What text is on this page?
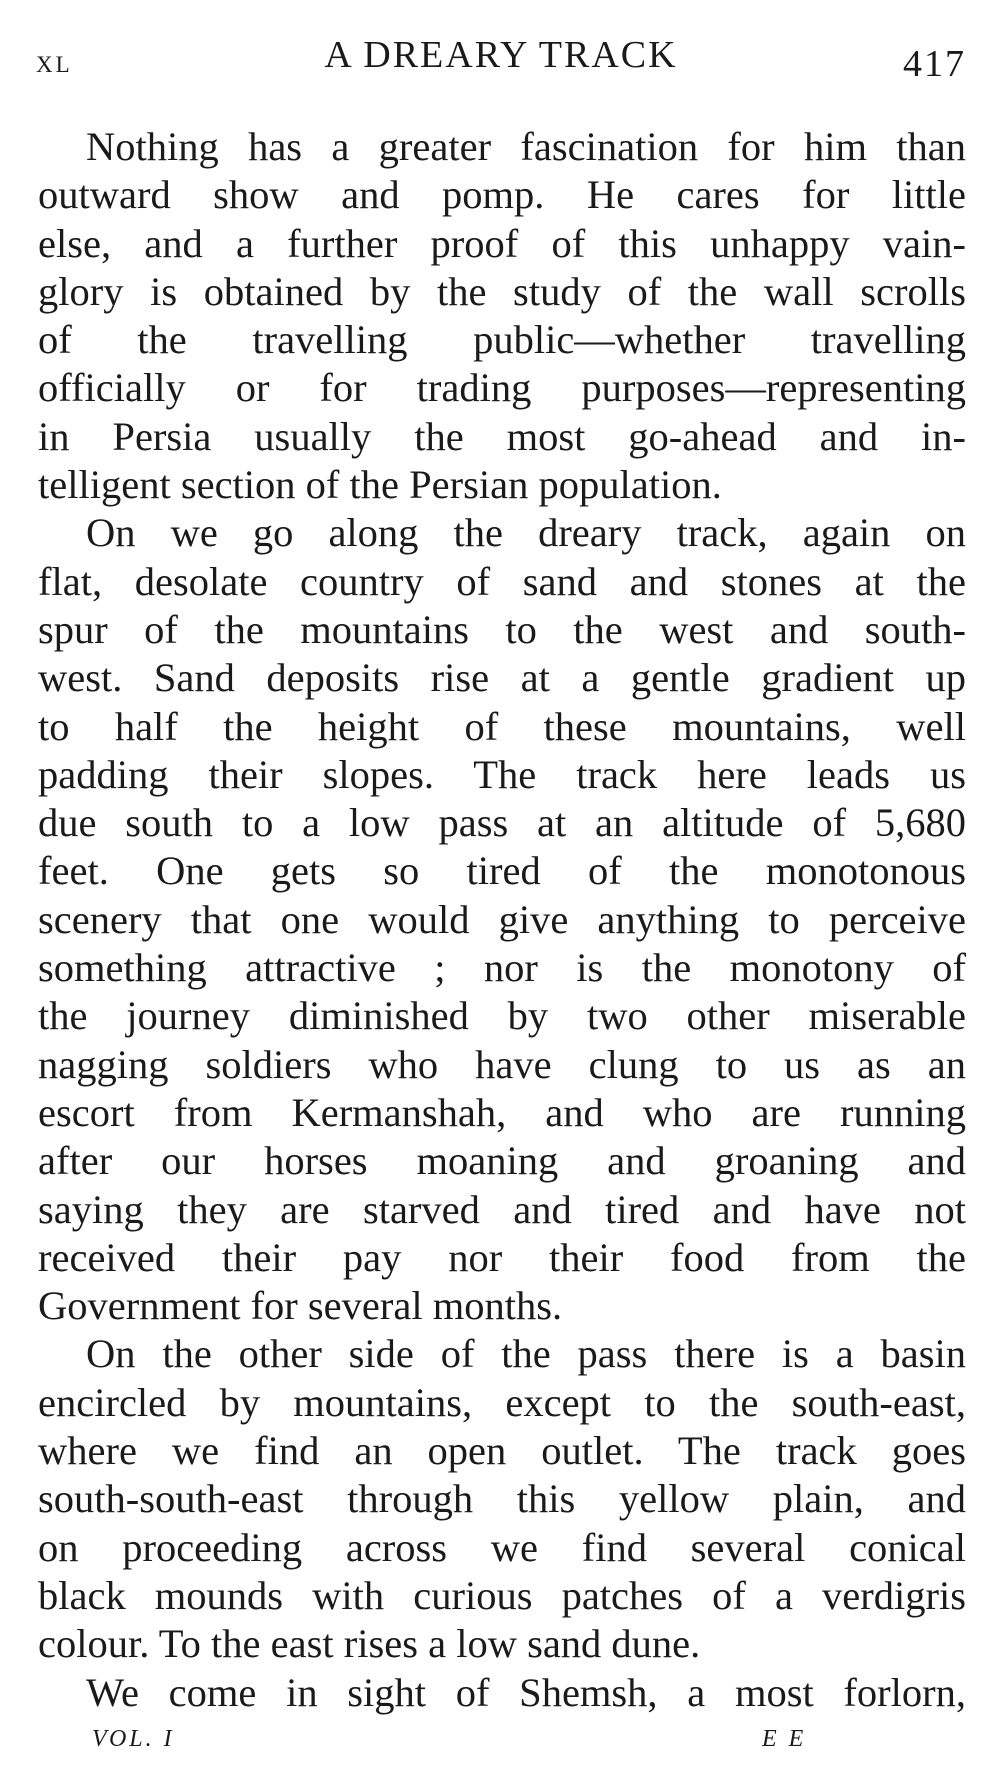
XL	A DREARY TRACK	417
Nothing has a greater fascination for him than
outward show and pomp. He cares for little
else, and a further proof of this unhappy vain-
glory is obtained by the study of the wall scrolls
of the travelling public—whether travelling
officially or for trading purposes—representing
in Persia usually the most go-ahead and in-
telligent section of the Persian population.
On we go along the dreary track, again on
flat, desolate country of sand and stones at the
spur of the mountains to the west and south-
west. Sand deposits rise at a gentle gradient up
to half the height of these mountains, well
padding their slopes. The track here leads us
due south to a low pass at an altitude of 5,680
feet. One gets so tired of the monotonous
scenery that one would give anything to perceive
something attractive ; nor is the monotony of
the journey diminished by two other miserable
nagging soldiers who have clung to us as an
escort from Kermanshah, and who are running
after our horses moaning and groaning and
saying they are starved and tired and have not
received their pay nor their food from the
Government for several months.
On the other side of the pass there is a basin
encircled by mountains, except to the south-east,
where we find an open outlet. The track goes
south-south-east through this yellow plain, and
on proceeding across we find several conical
black mounds with curious patches of a verdigris
colour. To the east rises a low sand dune.
We come in sight of Shemsh, a most forlorn,
VOL. I	E E
